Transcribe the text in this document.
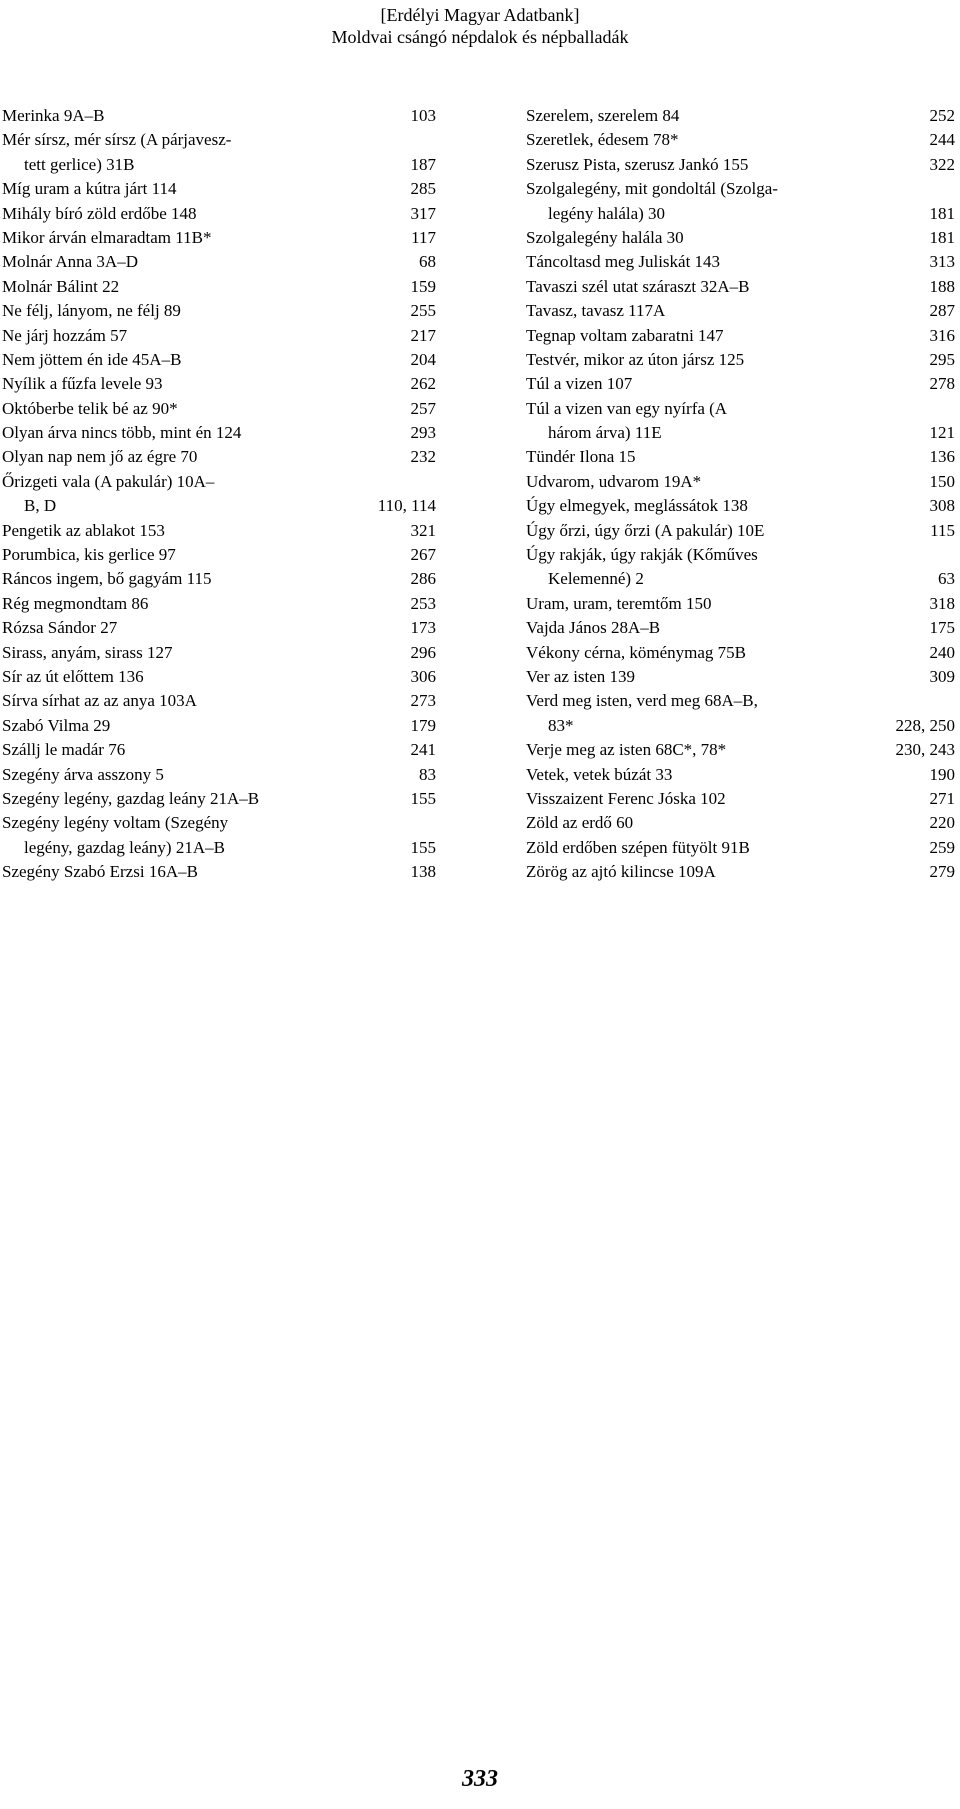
[Erdélyi Magyar Adatbank]
Moldvai csángó népdalok és népballadák
Merinka 9A–B	103
Mér sírsz, mér sírsz (A párjavesz-
tett gerlice) 31B	187
Míg uram a kútra járt 114	285
Mihály bíró zöld erdőbe 148	317
Mikor árván elmaradtam 11B*	117
Molnár Anna 3A–D	68
Molnár Bálint 22	159
Ne félj, lányom, ne félj 89	255
Ne járj hozzám 57	217
Nem jöttem én ide 45A–B	204
Nyílik a fűzfa levele 93	262
Októberbe telik bé az 90*	257
Olyan árva nincs több, mint én 124	293
Olyan nap nem jő az égre 70	232
Őrizgeti vala (A pakulár) 10A–
B, D	110, 114
Pengetik az ablakot 153	321
Porumbica, kis gerlice 97	267
Ráncos ingem, bő gagyám 115	286
Rég megmondtam 86	253
Rózsa Sándor 27	173
Sirass, anyám, sirass 127	296
Sír az út előttem 136	306
Sírva sírhat az az anya 103A	273
Szabó Vilma 29	179
Szállj le madár 76	241
Szegény árva asszony 5	83
Szegény legény, gazdag leány 21A–B	155
Szegény legény voltam (Szegény
legény, gazdag leány) 21A–B	155
Szegény Szabó Erzsi 16A–B	138
Szerelem, szerelem 84	252
Szeretlek, édesem 78*	244
Szerusz Pista, szerusz Jankó 155	322
Szolgalegény, mit gondoltál (Szolga-
legény halála) 30	181
Szolgalegény halála 30	181
Táncoltasd meg Juliskát 143	313
Tavaszi szél utat száraszt 32A–B	188
Tavasz, tavasz 117A	287
Tegnap voltam zabaratni 147	316
Testvér, mikor az úton jársz 125	295
Túl a vizen 107	278
Túl a vizen van egy nyírfa (A
három árva) 11E	121
Tündér Ilona 15	136
Udvarom, udvarom 19A*	150
Úgy elmegyek, meglássátok 138	308
Úgy őrzi, úgy őrzi (A pakulár) 10E	115
Úgy rakják, úgy rakják (Kőműves
Kelemenné) 2	63
Uram, uram, teremtőm 150	318
Vajda János 28A–B	175
Vékony cérna, köménymag 75B	240
Ver az isten 139	309
Verd meg isten, verd meg 68A–B,
83*	228, 250
Verje meg az isten 68C*, 78*	230, 243
Vetek, vetek búzát 33	190
Visszaizent Ferenc Jóska 102	271
Zöld az erdő 60	220
Zöld erdőben szépen fütyölt 91B	259
Zörög az ajtó kilincse 109A	279
333
